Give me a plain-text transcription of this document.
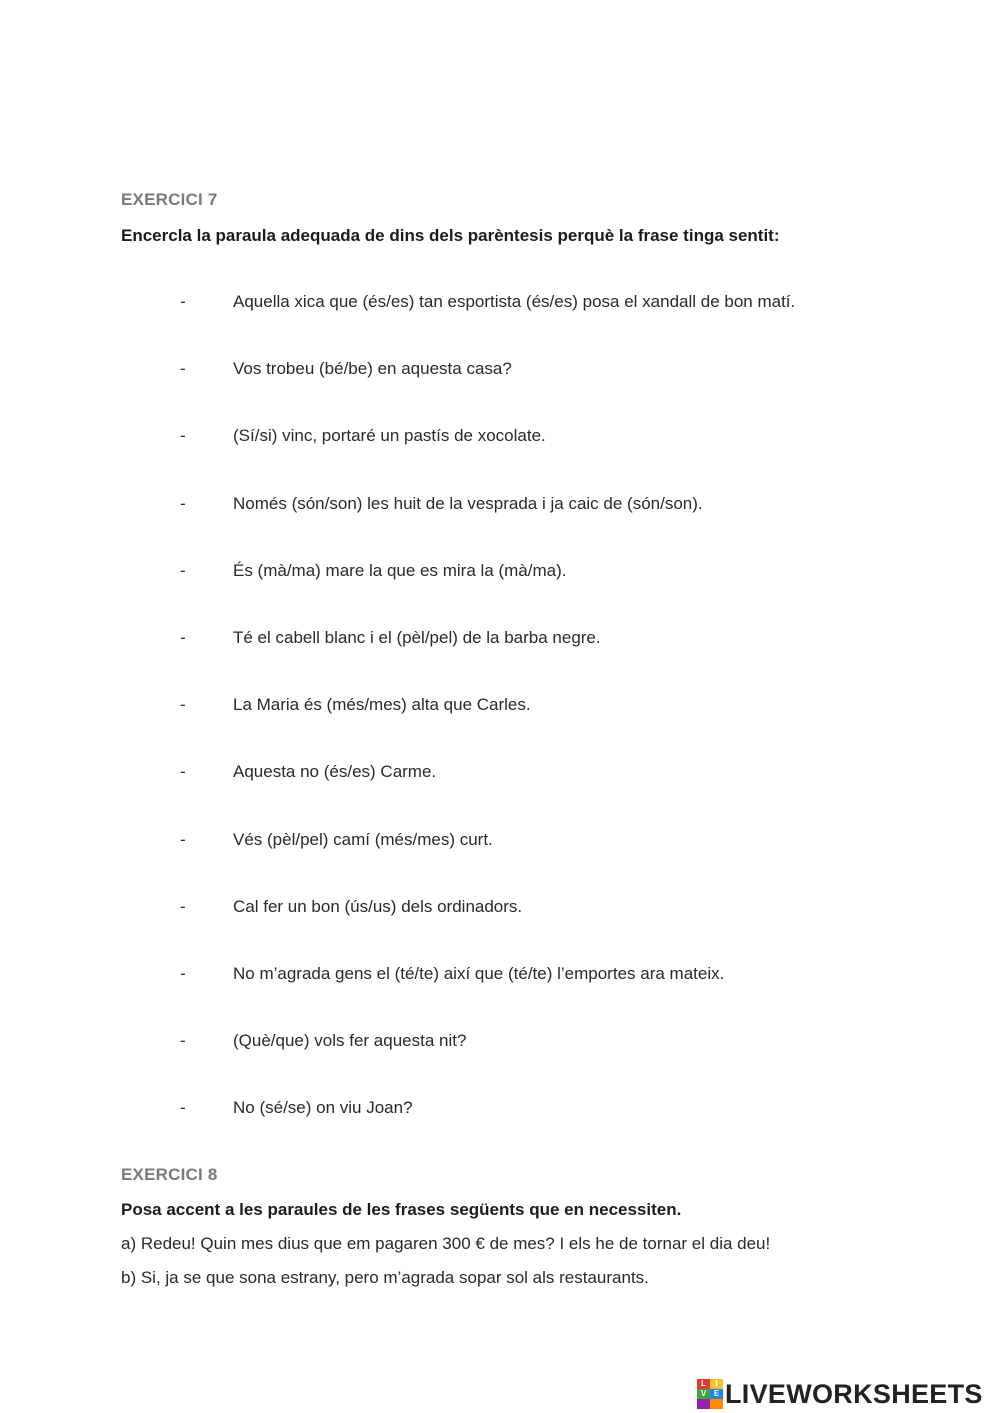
EXERCICI 7
Encercla la paraula adequada de dins dels parèntesis perquè la frase tinga sentit:
-	Aquella xica que (és/es) tan esportista (és/es) posa el xandall de bon matí.
-	Vos trobeu (bé/be) en aquesta casa?
-	(Sí/si) vinc, portaré un pastís de xocolate.
-	Només (són/son) les huit de la vesprada i ja caic de (són/son).
-	És (mà/ma) mare la que es mira la (mà/ma).
-	Té el cabell blanc i el (pèl/pel) de la barba negre.
-	La Maria és (més/mes) alta que Carles.
-	Aquesta no (és/es) Carme.
-	Vés (pèl/pel) camí (més/mes) curt.
-	Cal fer un bon (ús/us) dels ordinadors.
-	No m’agrada gens el (té/te) així que (té/te) l’emportes ara mateix.
-	(Què/que) vols fer aquesta nit?
-	No (sé/se) on viu Joan?
EXERCICI 8
Posa accent a les paraules de les frases següents que en necessiten.
a) Redeu! Quin mes dius que em pagaren 300 € de mes? I els he de tornar el dia deu!
b) Si, ja se que sona estrany, pero m’agrada sopar sol als restaurants.
L	I
V E LIVEWORKSHEETS
